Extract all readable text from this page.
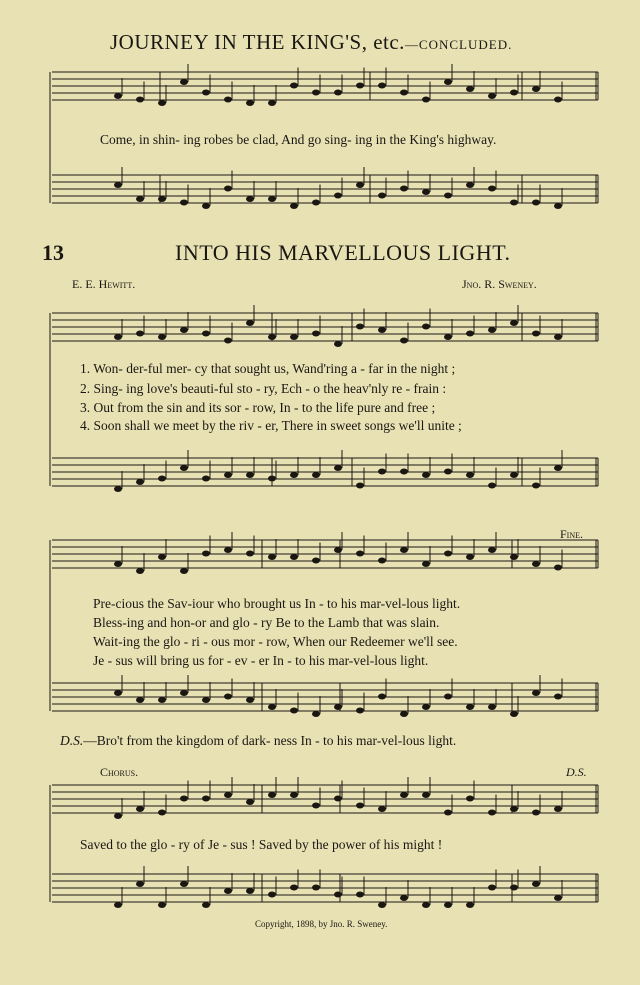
JOURNEY IN THE KING'S, etc.—CONCLUDED.
Come, in shin- ing robes be clad, And go sing- ing in the King's highway.
13	INTO HIS MARVELLOUS LIGHT.
E. E. Hewitt.	Jno. R. Sweney.
1. Won- der-ful mer- cy that sought us, Wand'ring a - far in the night ;
2. Sing- ing love's beauti-ful sto - ry, Ech - o the heav'nly re - frain :
3. Out from the sin and its sor - row, In - to the life pure and free ;
4. Soon shall we meet by the riv - er, There in sweet songs we'll unite ;
Fine.
Pre-cious the Sav-iour who brought us In - to his mar-vel-lous light.
Bless-ing and hon-or and glo - ry Be to the Lamb that was slain.
Wait-ing the glo - ri - ous mor - row, When our Redeemer we'll see.
Je - sus will bring us for - ev - er In - to his mar-vel-lous light.
D.S.—Bro't from the kingdom of dark- ness In - to his mar-vel-lous light.
Chorus.	D.S.
Saved to the glo - ry of Je - sus ! Saved by the power of his might !
Copyright, 1898, by Jno. R. Sweney.
